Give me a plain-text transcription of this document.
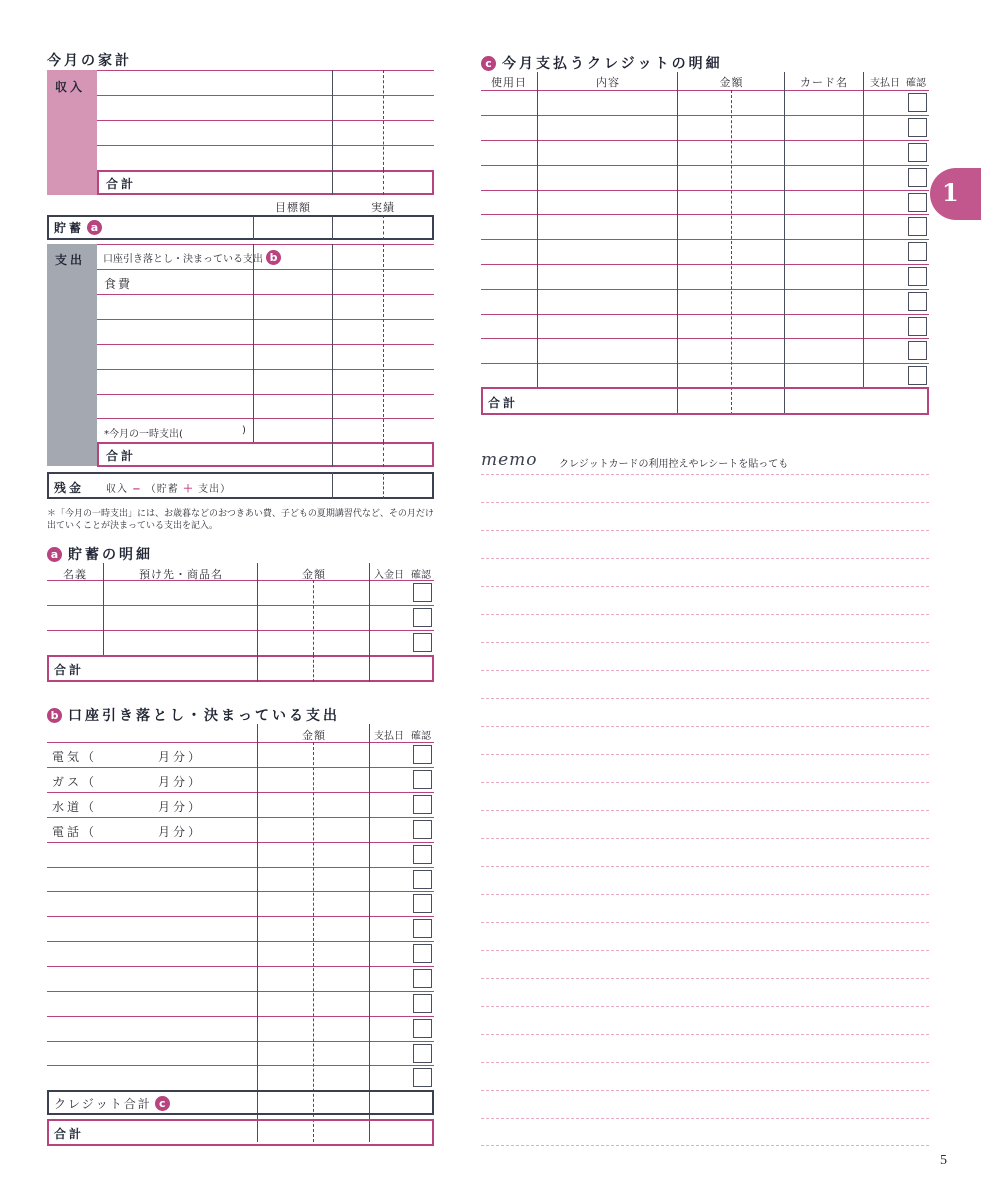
今月の家計
収入
合計
目標額	実績
貯蓄 a
支出 口座引き落とし・決まっている支出 b
食費
*今月の一時支出(	)
合計
残金 収入 − （貯蓄 ＋ 支出）
＊「今月の一時支出」には、お歳暮などのおつきあい費、子どもの夏期講習代など、その月だけ
出ていくことが決まっている支出を記入。
a 貯蓄の明細
名義	預け先・商品名	金額	入金日 確認
合計
b 口座引き落とし・決まっている支出
金額	支払日 確認
電気（	月分）
ガス（	月分）
水道（	月分）
電話（	月分）
クレジット合計 c
合計
c 今月支払うクレジットの明細
使用日	内容	金額	カード名	支払日 確認
合計
1
memo クレジットカードの利用控えやレシートを貼っても
5
